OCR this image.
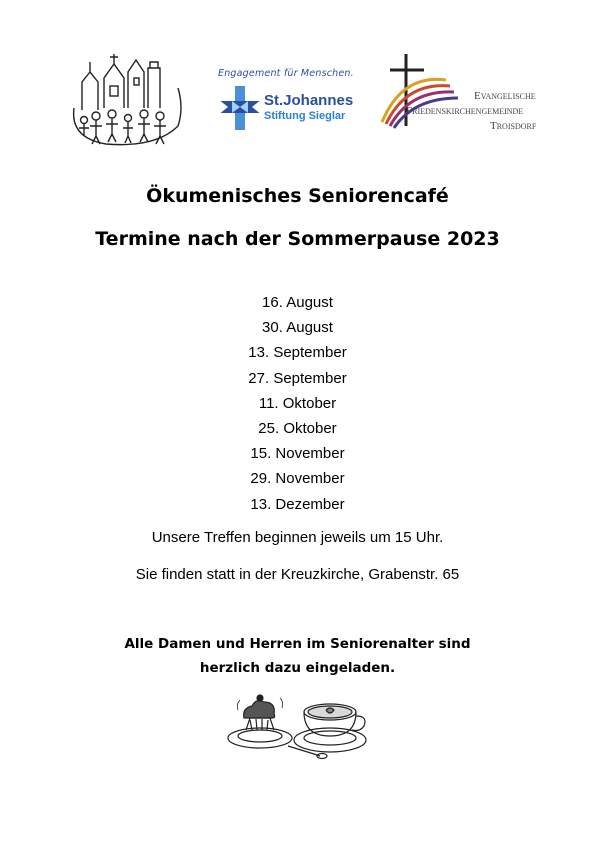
Engagement für Menschen.
St.Johannes
Stiftung Sieglar
Evangelische
Friedenskirchengemeinde
Troisdorf
Ökumenisches Seniorencafé
Termine nach der Sommerpause 2023
16. August
30. August
13. September
27. September
11. Oktober
25. Oktober
15. November
29. November
13. Dezember
Unsere Treffen beginnen jeweils um 15 Uhr.
Sie finden statt in der Kreuzkirche, Grabenstr. 65
Alle Damen und Herren im Seniorenalter sind
herzlich dazu eingeladen.
